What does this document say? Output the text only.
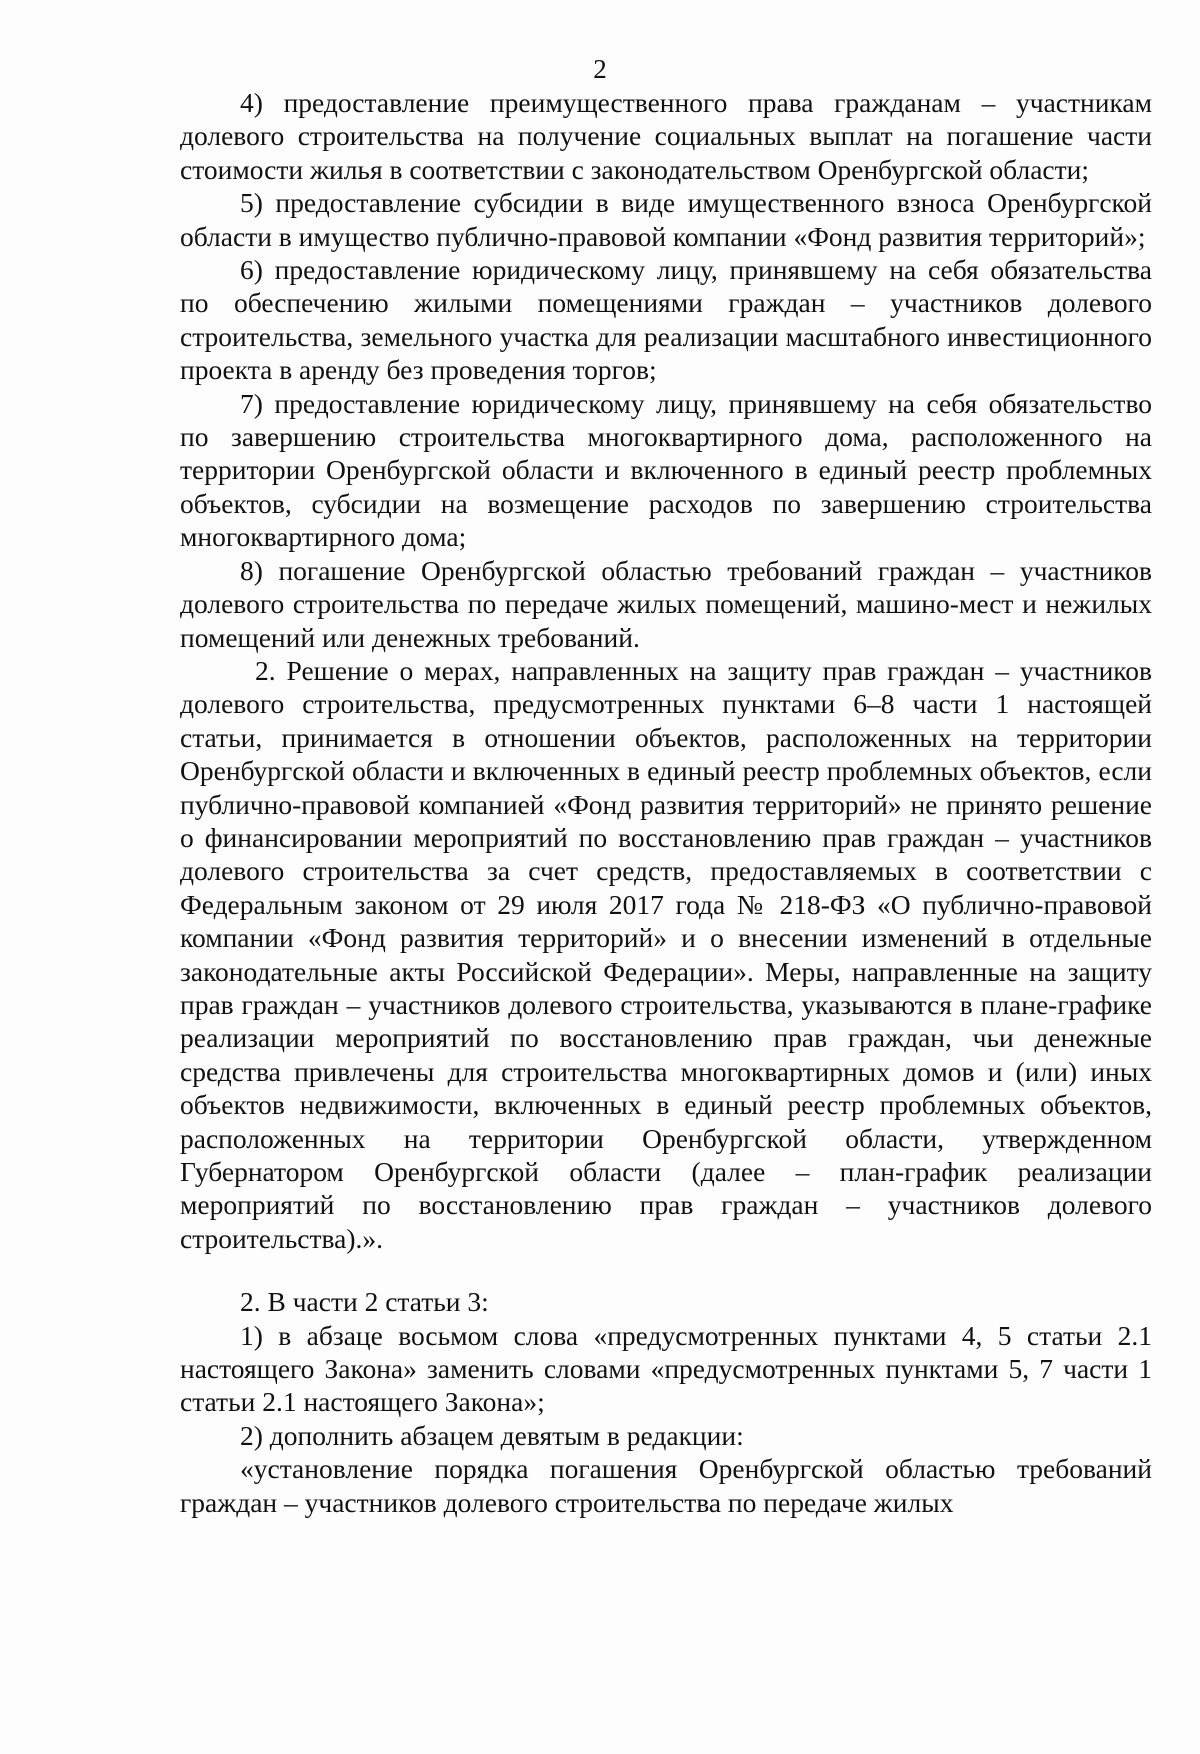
2

4) предоставление преимущественного права гражданам – участникам долевого строительства на получение социальных выплат на погашение части стоимости жилья в соответствии с законодательством Оренбургской области;

5) предоставление субсидии в виде имущественного взноса Оренбургской области в имущество публично-правовой компании «Фонд развития территорий»;

6) предоставление юридическому лицу, принявшему на себя обязательства по обеспечению жилыми помещениями граждан – участников долевого строительства, земельного участка для реализации масштабного инвестиционного проекта в аренду без проведения торгов;

7) предоставление юридическому лицу, принявшему на себя обязательство по завершению строительства многоквартирного дома, расположенного на территории Оренбургской области и включенного в единый реестр проблемных объектов, субсидии на возмещение расходов по завершению строительства многоквартирного дома;

8) погашение Оренбургской областью требований граждан – участников долевого строительства по передаче жилых помещений, машино-мест и нежилых помещений или денежных требований.

2. Решение о мерах, направленных на защиту прав граждан – участников долевого строительства, предусмотренных пунктами 6–8 части 1 настоящей статьи, принимается в отношении объектов, расположенных на территории Оренбургской области и включенных в единый реестр проблемных объектов, если публично-правовой компанией «Фонд развития территорий» не принято решение о финансировании мероприятий по восстановлению прав граждан – участников долевого строительства за счет средств, предоставляемых в соответствии с Федеральным законом от 29 июля 2017 года № 218-ФЗ «О публично-правовой компании «Фонд развития территорий» и о внесении изменений в отдельные законодательные акты Российской Федерации». Меры, направленные на защиту прав граждан – участников долевого строительства, указываются в плане-графике реализации мероприятий по восстановлению прав граждан, чьи денежные средства привлечены для строительства многоквартирных домов и (или) иных объектов недвижимости, включенных в единый реестр проблемных объектов, расположенных на территории Оренбургской области, утвержденном Губернатором Оренбургской области (далее – план-график реализации мероприятий по восстановлению прав граждан – участников долевого строительства).».

2. В части 2 статьи 3:

1) в абзаце восьмом слова «предусмотренных пунктами 4, 5 статьи 2.1 настоящего Закона» заменить словами «предусмотренных пунктами 5, 7 части 1 статьи 2.1 настоящего Закона»;

2) дополнить абзацем девятым в редакции:

«установление порядка погашения Оренбургской областью требований граждан – участников долевого строительства по передаче жилых
